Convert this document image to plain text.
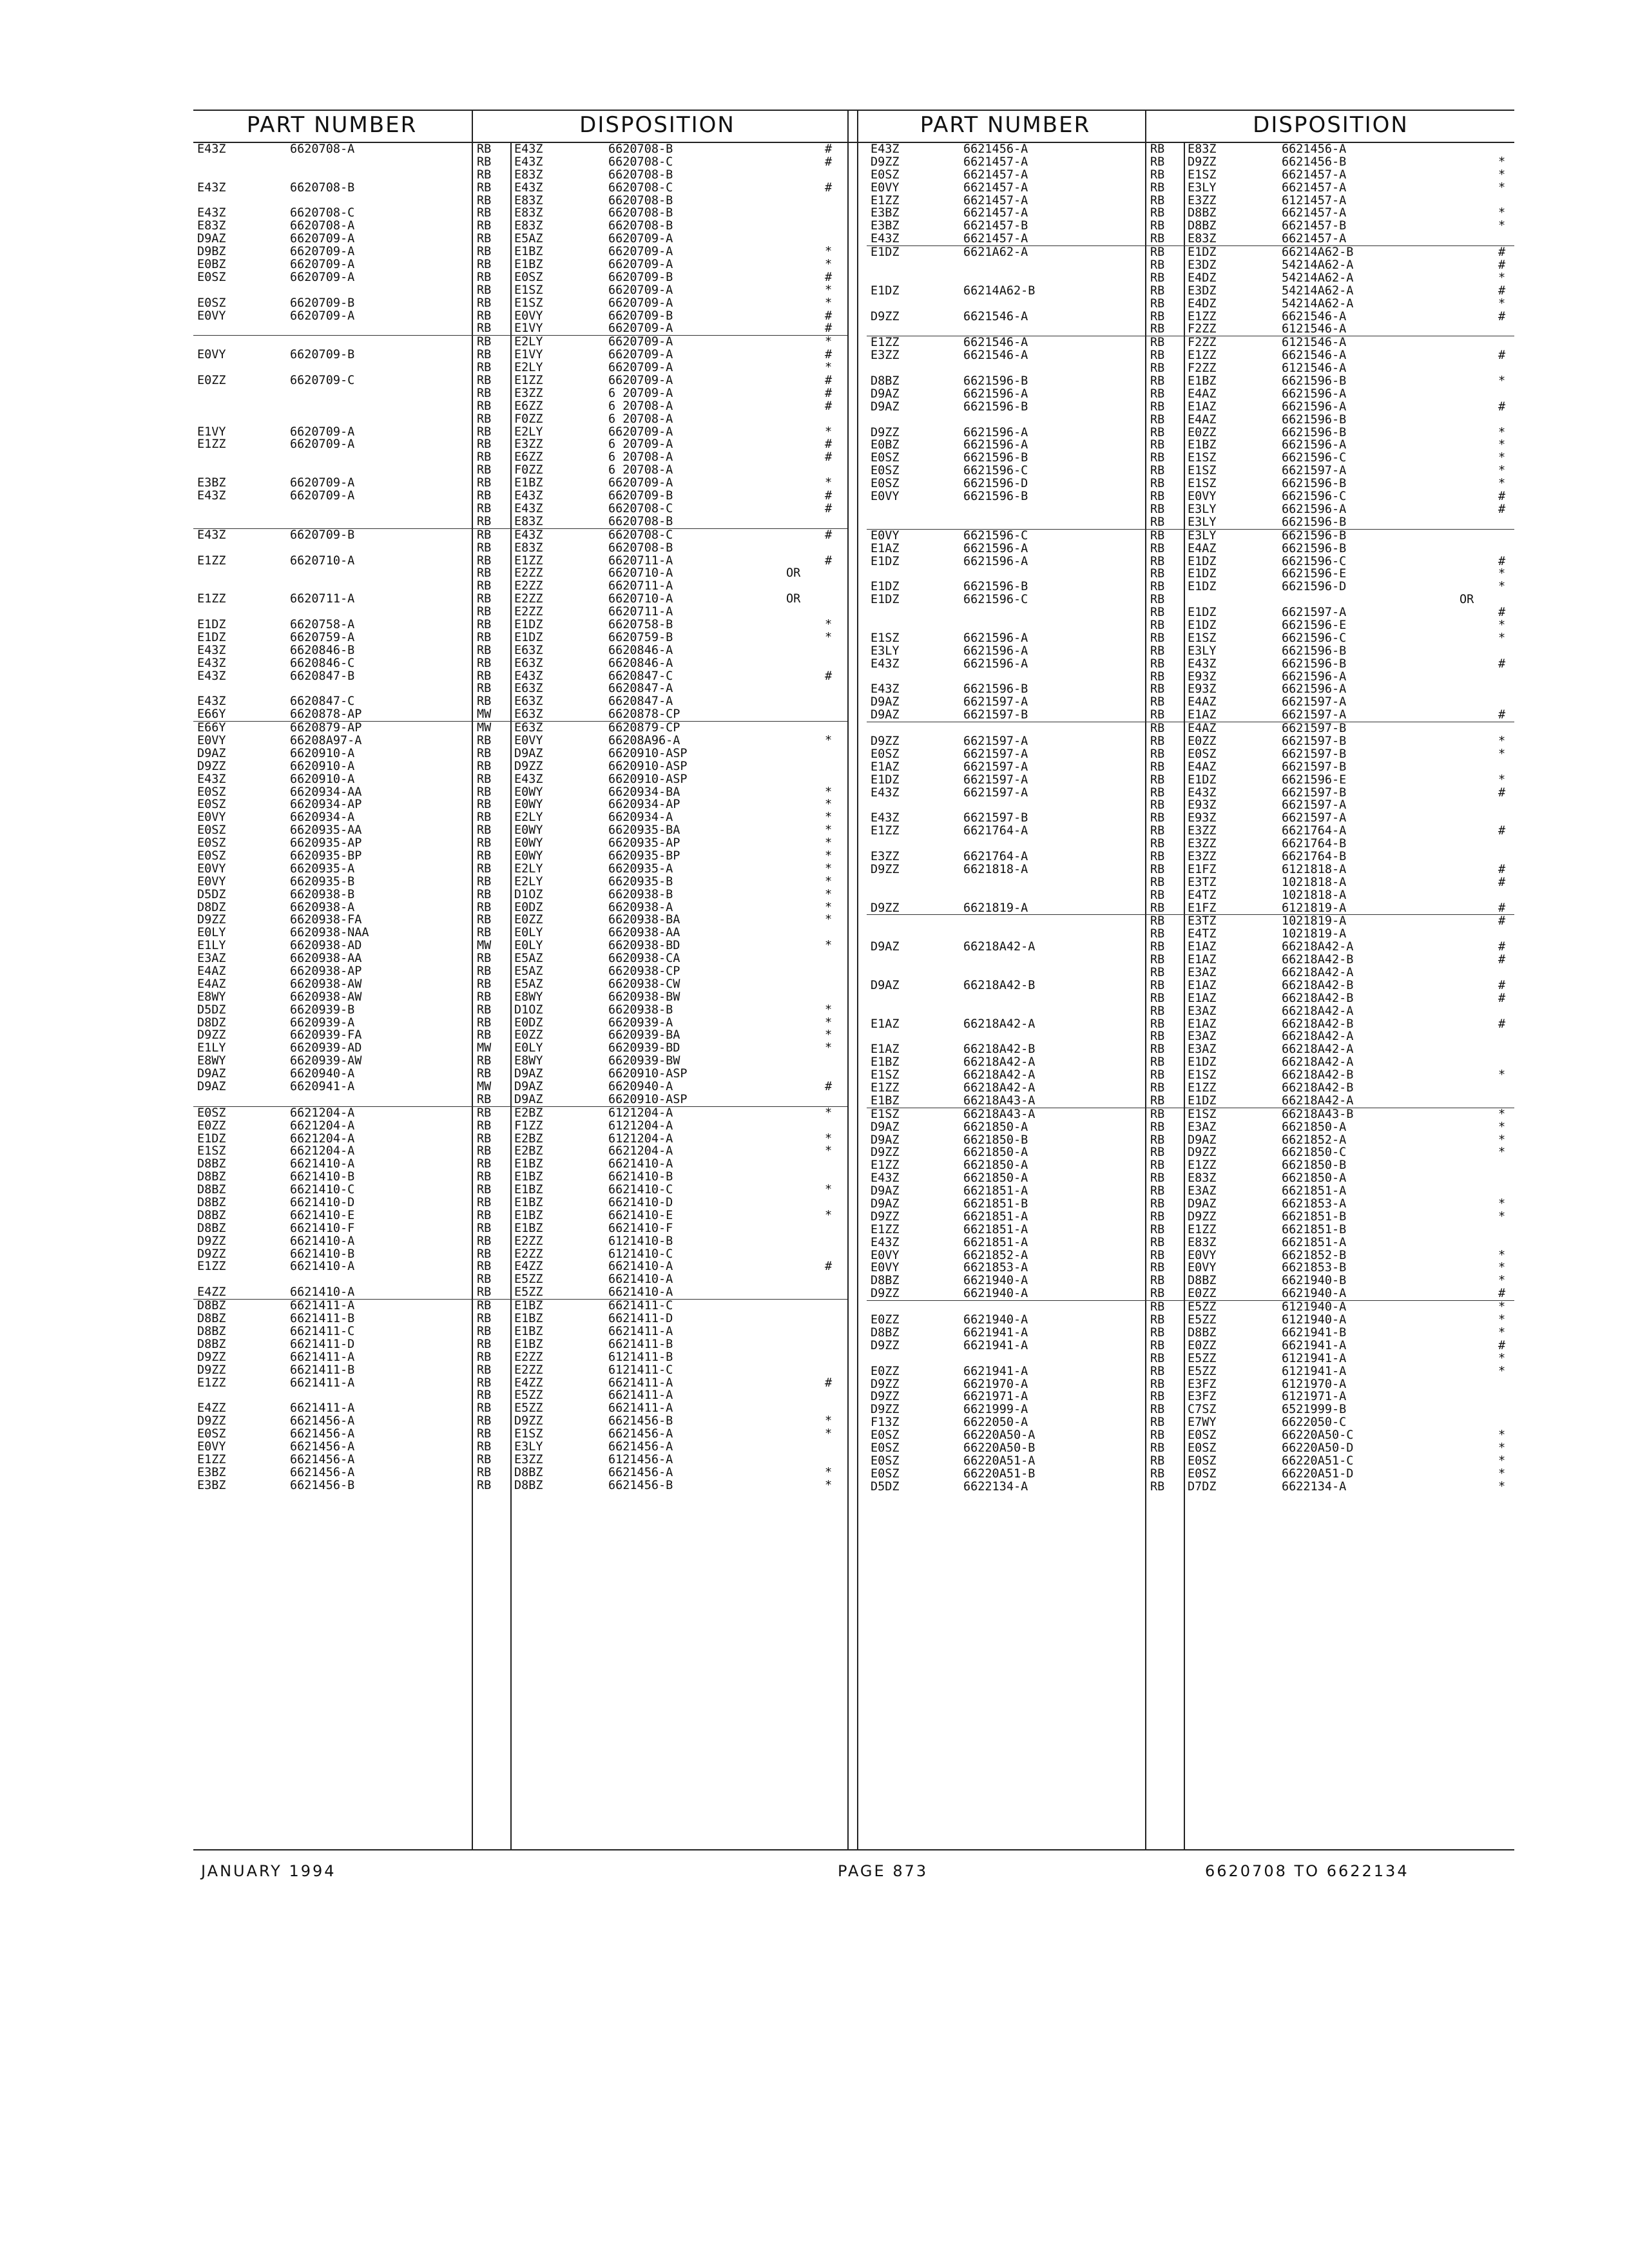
PART NUMBER	DISPOSITION	PART NUMBER	DISPOSITION
E43Z	6620708-A	RB E43Z	6620708-B	#
RB E43Z	6620708-C	#
RB E83Z	6620708-B
E43Z	6620708-B	RB E43Z	6620708-C	#
RB E83Z	6620708-B
E43Z	6620708-C	RB E83Z	6620708-B
E83Z	6620708-A	RB E83Z	6620708-B
D9AZ	6620709-A	RB E5AZ	6620709-A
D9BZ	6620709-A	RB E1BZ	6620709-A	*
E0BZ	6620709-A	RB E1BZ	6620709-A	*
E0SZ	6620709-A	RB E0SZ	6620709-B	#
RB E1SZ	6620709-A	*
E0SZ	6620709-B	RB E1SZ	6620709-A	*
E0VY	6620709-A	RB E0VY	6620709-B	#
RB E1VY	6620709-A	#
RB E2LY	6620709-A	*
E0VY	6620709-B	RB E1VY	6620709-A	#
RB E2LY	6620709-A	*
E0ZZ	6620709-C	RB E1ZZ	6620709-A	#
RB E3ZZ	6 20709-A	#
RB E6ZZ	6 20708-A	#
RB F0ZZ	6 20708-A
E1VY	6620709-A	RB E2LY	6620709-A	*
E1ZZ	6620709-A	RB E3ZZ	6 20709-A	#
RB E6ZZ	6 20708-A	#
RB F0ZZ	6 20708-A
E3BZ	6620709-A	RB E1BZ	6620709-A	*
E43Z	6620709-A	RB E43Z	6620709-B	#
RB E43Z	6620708-C	#
RB E83Z	6620708-B
E43Z	6620709-B	RB E43Z	6620708-C	#
RB E83Z	6620708-B
E1ZZ	6620710-A	RB E1ZZ	6620711-A	#
RB E2ZZ	6620710-A	OR
RB E2ZZ	6620711-A
E1ZZ	6620711-A	RB E2ZZ	6620710-A	OR
RB E2ZZ	6620711-A
E1DZ	6620758-A	RB E1DZ	6620758-B	*
E1DZ	6620759-A	RB E1DZ	6620759-B	*
E43Z	6620846-B	RB E63Z	6620846-A
E43Z	6620846-C	RB E63Z	6620846-A
E43Z	6620847-B	RB E43Z	6620847-C	#
RB E63Z	6620847-A
E43Z	6620847-C	RB E63Z	6620847-A
E66Y	6620878-AP	MW E63Z	6620878-CP
E66Y	6620879-AP	MW E63Z	6620879-CP
E0VY	66208A97-A	RB E0VY	66208A96-A	*
D9AZ	6620910-A	RB D9AZ	6620910-ASP
D9ZZ	6620910-A	RB D9ZZ	6620910-ASP
E43Z	6620910-A	RB E43Z	6620910-ASP
E0SZ	6620934-AA	RB E0WY	6620934-BA	*
E0SZ	6620934-AP	RB E0WY	6620934-AP	*
E0VY	6620934-A	RB E2LY	6620934-A	*
E0SZ	6620935-AA	RB E0WY	6620935-BA	*
E0SZ	6620935-AP	RB E0WY	6620935-AP	*
E0SZ	6620935-BP	RB E0WY	6620935-BP	*
E0VY	6620935-A	RB E2LY	6620935-A	*
E0VY	6620935-B	RB E2LY	6620935-B	*
D5DZ	6620938-B	RB D1OZ	6620938-B	*
D8DZ	6620938-A	RB E0DZ	6620938-A	*
D9ZZ	6620938-FA	RB E0ZZ	6620938-BA	*
E0LY	6620938-NAA	RB E0LY	6620938-AA
E1LY	6620938-AD	MW E0LY	6620938-BD	*
E3AZ	6620938-AA	RB E5AZ	6620938-CA
E4AZ	6620938-AP	RB E5AZ	6620938-CP
E4AZ	6620938-AW	RB E5AZ	6620938-CW
E8WY	6620938-AW	RB E8WY	6620938-BW
D5DZ	6620939-B	RB D1OZ	6620938-B	*
D8DZ	6620939-A	RB E0DZ	6620939-A	*
D9ZZ	6620939-FA	RB E0ZZ	6620939-BA	*
E1LY	6620939-AD	MW E0LY	6620939-BD	*
E8WY	6620939-AW	RB E8WY	6620939-BW
D9AZ	6620940-A	RB D9AZ	6620910-ASP
D9AZ	6620941-A	MW D9AZ	6620940-A	#
RB D9AZ	6620910-ASP
E0SZ	6621204-A	RB E2BZ	6121204-A	*
E0ZZ	6621204-A	RB F1ZZ	6121204-A
E1DZ	6621204-A	RB E2BZ	6121204-A	*
E1SZ	6621204-A	RB E2BZ	6621204-A	*
D8BZ	6621410-A	RB E1BZ	6621410-A
D8BZ	6621410-B	RB E1BZ	6621410-B
D8BZ	6621410-C	RB E1BZ	6621410-C	*
D8BZ	6621410-D	RB E1BZ	6621410-D
D8BZ	6621410-E	RB E1BZ	6621410-E	*
D8BZ	6621410-F	RB E1BZ	6621410-F
D9ZZ	6621410-A	RB E2ZZ	6121410-B
D9ZZ	6621410-B	RB E2ZZ	6121410-C
E1ZZ	6621410-A	RB E4ZZ	6621410-A	#
RB E5ZZ	6621410-A
E4ZZ	6621410-A	RB E5ZZ	6621410-A
D8BZ	6621411-A	RB E1BZ	6621411-C
D8BZ	6621411-B	RB E1BZ	6621411-D
D8BZ	6621411-C	RB E1BZ	6621411-A
D8BZ	6621411-D	RB E1BZ	6621411-B
D9ZZ	6621411-A	RB E2ZZ	6121411-B
D9ZZ	6621411-B	RB E2ZZ	6121411-C
E1ZZ	6621411-A	RB E4ZZ	6621411-A	#
RB E5ZZ	6621411-A
E4ZZ	6621411-A	RB E5ZZ	6621411-A
D9ZZ	6621456-A	RB D9ZZ	6621456-B	*
E0SZ	6621456-A	RB E1SZ	6621456-A	*
E0VY	6621456-A	RB E3LY	6621456-A
E1ZZ	6621456-A	RB E3ZZ	6121456-A
E3BZ	6621456-A	RB D8BZ	6621456-A	*
E3BZ	6621456-B	RB D8BZ	6621456-B	*
E43Z	6621456-A	RB E83Z	6621456-A
D9ZZ	6621457-A	RB D9ZZ	6621456-B	*
E0SZ	6621457-A	RB E1SZ	6621457-A	*
E0VY	6621457-A	RB E3LY	6621457-A	*
E1ZZ	6621457-A	RB E3ZZ	6121457-A
E3BZ	6621457-A	RB D8BZ	6621457-A	*
E3BZ	6621457-B	RB D8BZ	6621457-B	*
E43Z	6621457-A	RB E83Z	6621457-A
E1DZ	6621A62-A	RB E1DZ	66214A62-B	#
RB E3DZ	54214A62-A	#
RB E4DZ	54214A62-A	*
E1DZ	66214A62-B	RB E3DZ	54214A62-A	#
RB E4DZ	54214A62-A	*
D9ZZ	6621546-A	RB E1ZZ	6621546-A	#
RB F2ZZ	6121546-A
E1ZZ	6621546-A	RB F2ZZ	6121546-A
E3ZZ	6621546-A	RB E1ZZ	6621546-A	#
RB F2ZZ	6121546-A
D8BZ	6621596-B	RB E1BZ	6621596-B	*
D9AZ	6621596-A	RB E4AZ	6621596-A
D9AZ	6621596-B	RB E1AZ	6621596-A	#
RB E4AZ	6621596-B
D9ZZ	6621596-A	RB E0ZZ	6621596-B	*
E0BZ	6621596-A	RB E1BZ	6621596-A	*
E0SZ	6621596-B	RB E1SZ	6621596-C	*
E0SZ	6621596-C	RB E1SZ	6621597-A	*
E0SZ	6621596-D	RB E1SZ	6621596-B	*
E0VY	6621596-B	RB E0VY	6621596-C	#
RB E3LY	6621596-A	#
RB E3LY	6621596-B
E0VY	6621596-C	RB E3LY	6621596-B
E1AZ	6621596-A	RB E4AZ	6621596-B
E1DZ	6621596-A	RB E1DZ	6621596-C	#
RB E1DZ	6621596-E	*
E1DZ	6621596-B	RB E1DZ	6621596-D	*
E1DZ	6621596-C	RB	OR
RB E1DZ	6621597-A	#
RB E1DZ	6621596-E	*
E1SZ	6621596-A	RB E1SZ	6621596-C	*
E3LY	6621596-A	RB E3LY	6621596-B
E43Z	6621596-A	RB E43Z	6621596-B	#
RB E93Z	6621596-A
E43Z	6621596-B	RB E93Z	6621596-A
D9AZ	6621597-A	RB E4AZ	6621597-A
D9AZ	6621597-B	RB E1AZ	6621597-A	#
RB E4AZ	6621597-B
D9ZZ	6621597-A	RB E0ZZ	6621597-B	*
E0SZ	6621597-A	RB E0SZ	6621597-B	*
E1AZ	6621597-A	RB E4AZ	6621597-B
E1DZ	6621597-A	RB E1DZ	6621596-E	*
E43Z	6621597-A	RB E43Z	6621597-B	#
RB E93Z	6621597-A
E43Z	6621597-B	RB E93Z	6621597-A
E1ZZ	6621764-A	RB E3ZZ	6621764-A	#
RB E3ZZ	6621764-B
E3ZZ	6621764-A	RB E3ZZ	6621764-B
D9ZZ	6621818-A	RB E1FZ	6121818-A	#
RB E3TZ	1021818-A	#
RB E4TZ	1021818-A
D9ZZ	6621819-A	RB E1FZ	6121819-A	#
RB E3TZ	1021819-A	#
RB E4TZ	1021819-A
D9AZ	66218A42-A	RB E1AZ	66218A42-A	#
RB E1AZ	66218A42-B	#
RB E3AZ	66218A42-A
D9AZ	66218A42-B	RB E1AZ	66218A42-B	#
RB E1AZ	66218A42-B	#
RB E3AZ	66218A42-A
E1AZ	66218A42-A	RB E1AZ	66218A42-B	#
RB E3AZ	66218A42-A
E1AZ	66218A42-B	RB E3AZ	66218A42-A
E1BZ	66218A42-A	RB E1DZ	66218A42-A
E1SZ	66218A42-A	RB E1SZ	66218A42-B	*
E1ZZ	66218A42-A	RB E1ZZ	66218A42-B
E1BZ	66218A43-A	RB E1DZ	66218A42-A
E1SZ	66218A43-A	RB E1SZ	66218A43-B	*
D9AZ	6621850-A	RB E3AZ	6621850-A	*
D9AZ	6621850-B	RB D9AZ	6621852-A	*
D9ZZ	6621850-A	RB D9ZZ	6621850-C	*
E1ZZ	6621850-A	RB E1ZZ	6621850-B
E43Z	6621850-A	RB E83Z	6621850-A
D9AZ	6621851-A	RB E3AZ	6621851-A
D9AZ	6621851-B	RB D9AZ	6621853-A	*
D9ZZ	6621851-A	RB D9ZZ	6621851-B	*
E1ZZ	6621851-A	RB E1ZZ	6621851-B
E43Z	6621851-A	RB E83Z	6621851-A
E0VY	6621852-A	RB E0VY	6621852-B	*
E0VY	6621853-A	RB E0VY	6621853-B	*
D8BZ	6621940-A	RB D8BZ	6621940-B	*
D9ZZ	6621940-A	RB E0ZZ	6621940-A	#
RB E5ZZ	6121940-A	*
E0ZZ	6621940-A	RB E5ZZ	6121940-A	*
D8BZ	6621941-A	RB D8BZ	6621941-B	*
D9ZZ	6621941-A	RB E0ZZ	6621941-A	#
RB E5ZZ	6121941-A	*
E0ZZ	6621941-A	RB E5ZZ	6121941-A	*
D9ZZ	6621970-A	RB E3FZ	6121970-A
D9ZZ	6621971-A	RB E3FZ	6121971-A
D9ZZ	6621999-A	RB C7SZ	6521999-B
F13Z	6622050-A	RB E7WY	6622050-C
E0SZ	66220A50-A	RB E0SZ	66220A50-C	*
E0SZ	66220A50-B	RB E0SZ	66220A50-D	*
E0SZ	66220A51-A	RB E0SZ	66220A51-C	*
E0SZ	66220A51-B	RB E0SZ	66220A51-D	*
D5DZ	6622134-A	RB D7DZ	6622134-A	*
JANUARY 1994	PAGE 873	6620708 TO 6622134
